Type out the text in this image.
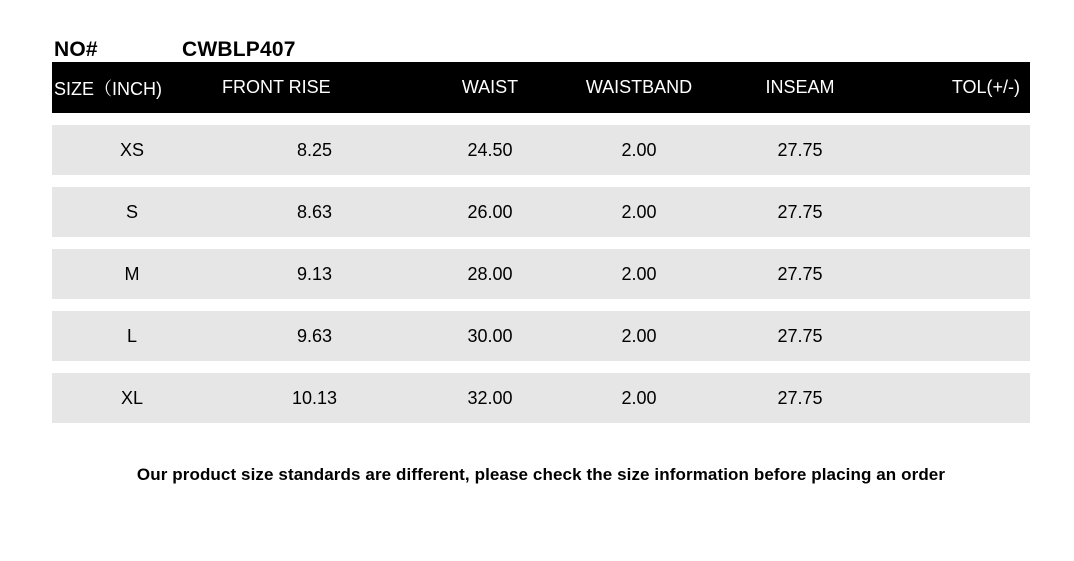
NO#	CWBLP407
SIZE（INCH)	FRONT RISE	WAIST	WAISTBAND	INSEAM	TOL(+/-)

XS	8.25	24.50	2.00	27.75	

S	8.63	26.00	2.00	27.75	

M	9.13	28.00	2.00	27.75	

L	9.63	30.00	2.00	27.75	

XL	10.13	32.00	2.00	27.75	
Our product size standards are different, please check the size information before placing an order
